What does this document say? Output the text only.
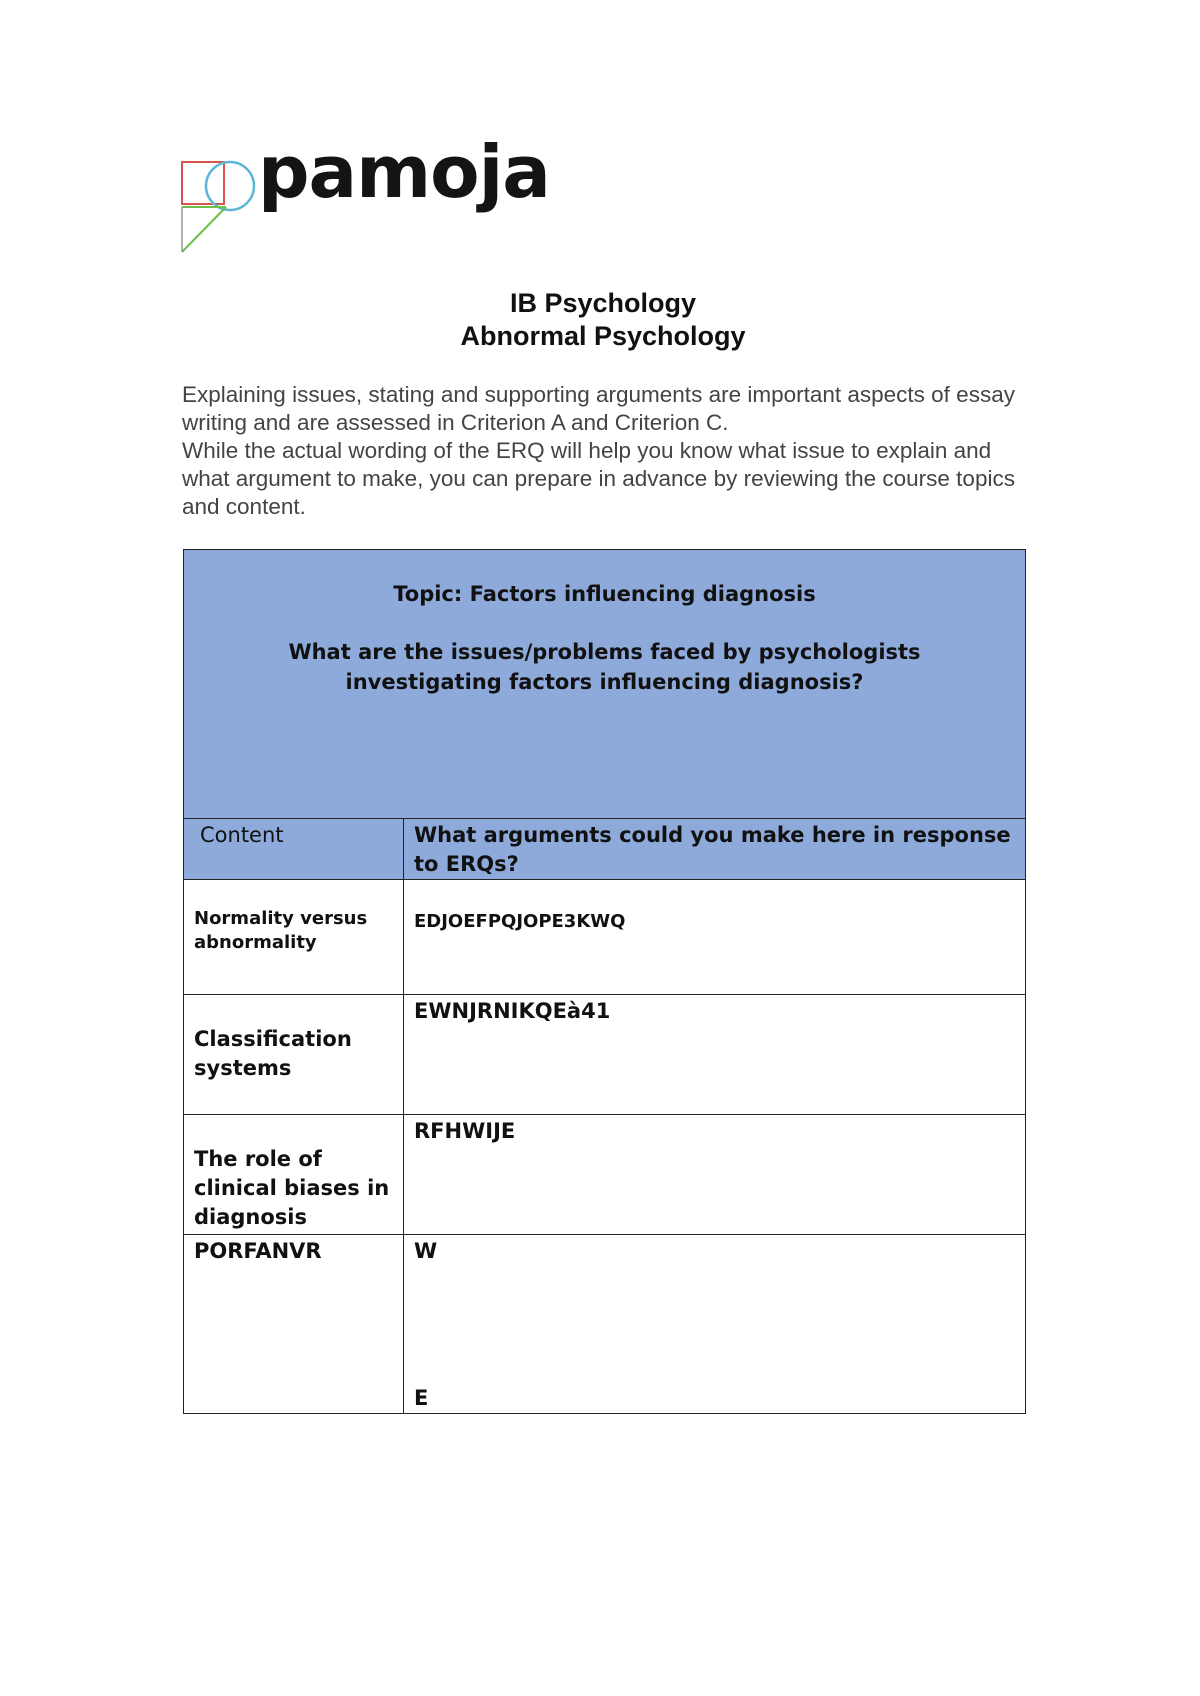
pamoja
IB Psychology
Abnormal Psychology

Explaining issues, stating and supporting arguments are important aspects of essay writing and are assessed in Criterion A and Criterion C.

While the actual wording of the ERQ will help you know what issue to explain and what argument to make, you can prepare in advance by reviewing the course topics and content.

Topic: Factors influencing diagnosis
What are the issues/problems faced by psychologists investigating factors influencing diagnosis?	

Content	What arguments could you make here in response to ERQs?

Normality versus abnormality	EDJOEFPQJOPE3KWQ

Classification systems	EWNJRNIKQEà41

The role of clinical biases in diagnosis	RFHWIJE

PORFANVR	W
E
